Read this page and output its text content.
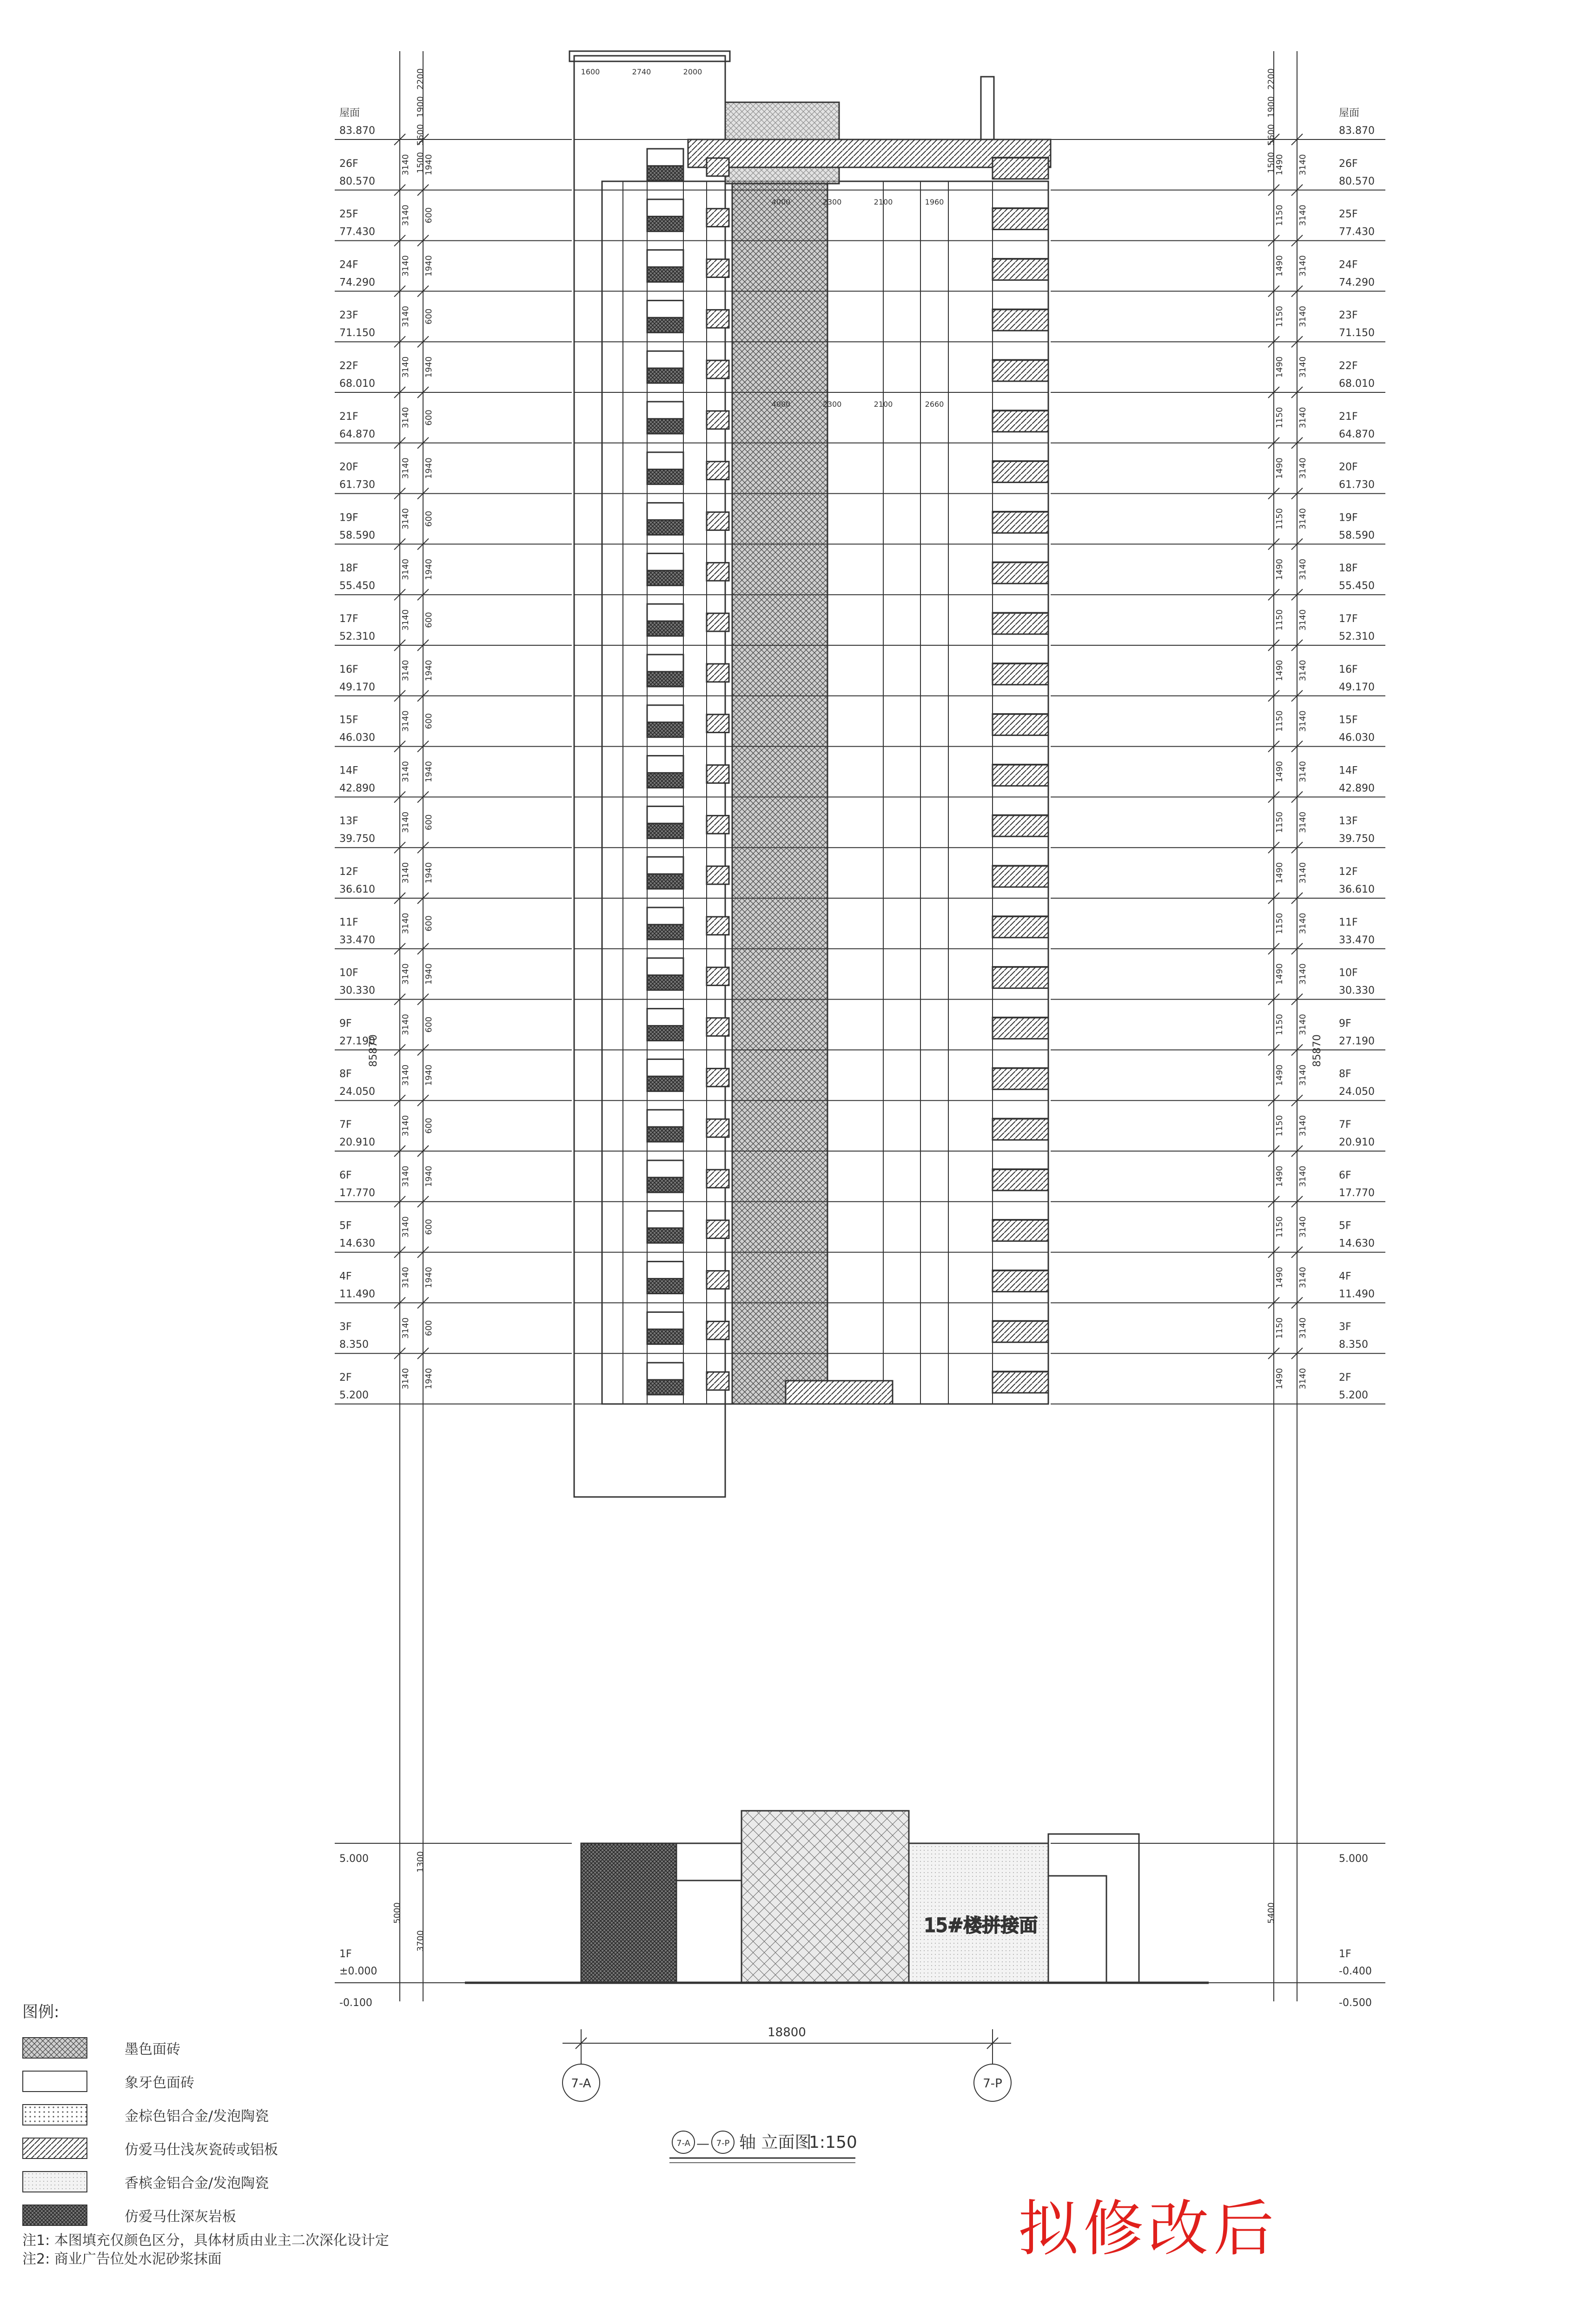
15#楼拼接面
屋面
83.870
26F
80.570
25F
77.430
24F
74.290
23F
71.150
22F
68.010
21F
64.870
20F
61.730
19F
58.590
18F
55.450
17F
52.310
16F
49.170
15F
46.030
14F
42.890
13F
39.750
12F
36.610
11F
33.470
10F
30.330
9F
27.190
8F
24.050
7F
20.910
6F
17.770
5F
14.630
4F
11.490
3F
8.350
2F
5.200
5.000
1F
±0.000
-0.100
屋面
83.870
26F
80.570
25F
77.430
24F
74.290
23F
71.150
22F
68.010
21F
64.870
20F
61.730
19F
58.590
18F
55.450
17F
52.310
16F
49.170
15F
46.030
14F
42.890
13F
39.750
12F
36.610
11F
33.470
10F
30.330
9F
27.190
8F
24.050
7F
20.910
6F
17.770
5F
14.630
4F
11.490
3F
8.350
2F
5.200
5.000
1F
-0.400
-0.500
3140
3140
3140
3140
3140
3140
3140
3140
3140
3140
3140
3140
3140
3140
3140
3140
3140
3140
3140
3140
3140
3140
3140
3140
3140
1940
600
1940
600
1940
600
1940
600
1940
600
1940
600
1940
600
1940
600
1940
600
1940
600
1940
600
1940
600
1940
1490
1150
1490
1150
1490
1150
1490
1150
1490
1150
1490
1150
1490
1150
1490
1150
1490
1150
1490
1150
1490
1150
1490
1150
1490
3140
3140
3140
3140
3140
3140
3140
3140
3140
3140
3140
3140
3140
3140
3140
3140
3140
3140
3140
3140
3140
3140
3140
3140
3140
2200
1900
5600
1500
2200
1900
5600
1500
1600	2740	2000
4000	2300	2100	1960
4000	2300	2100	2660
85870	85870
5000
3700
1300
5400
18800
7-A	7-P
7-A — 7-P 轴 立面图
1:150
图例:
墨色面砖
象牙色面砖
金棕色铝合金/发泡陶瓷
仿爱马仕浅灰瓷砖或铝板
香槟金铝合金/发泡陶瓷
仿爱马仕深灰岩板
注1: 本图填充仅颜色区分，具体材质由业主二次深化设计定
注2: 商业广告位处水泥砂浆抹面	拟修改后
